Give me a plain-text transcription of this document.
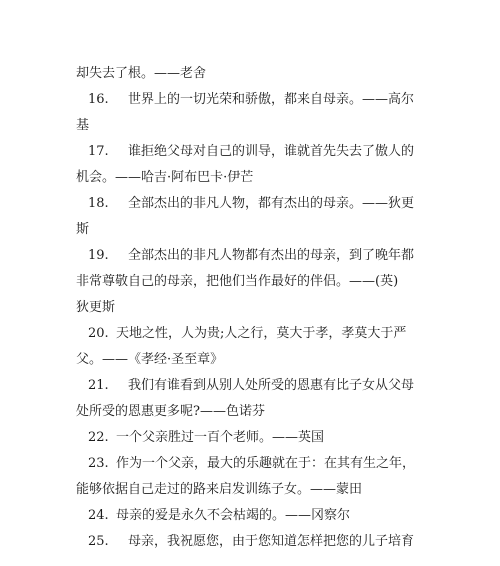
却失去了根。——老舍
16. 世界上的一切光荣和骄傲，都来自母亲。——高尔
基
17. 谁拒绝父母对自己的训导，谁就首先失去了傲人的
机会。——哈吉·阿布巴卡·伊芒
18. 全部杰出的非凡人物，都有杰出的母亲。——狄更
斯
19. 全部杰出的非凡人物都有杰出的母亲，到了晚年都
非常尊敬自己的母亲，把他们当作最好的伴侣。——(英)
狄更斯
20. 天地之性，人为贵;人之行，莫大于孝，孝莫大于严
父。——《孝经·圣至章》
21. 我们有谁看到从别人处所受的恩惠有比子女从父母
处所受的恩惠更多呢?——色诺芬
22. 一个父亲胜过一百个老师。——英国
23. 作为一个父亲，最大的乐趣就在于：在其有生之年，
能够依据自己走过的路来启发训练子女。——蒙田
24. 母亲的爱是永久不会枯竭的。——冈察尔
25. 母亲，我祝愿您，由于您知道怎样把您的儿子培育
